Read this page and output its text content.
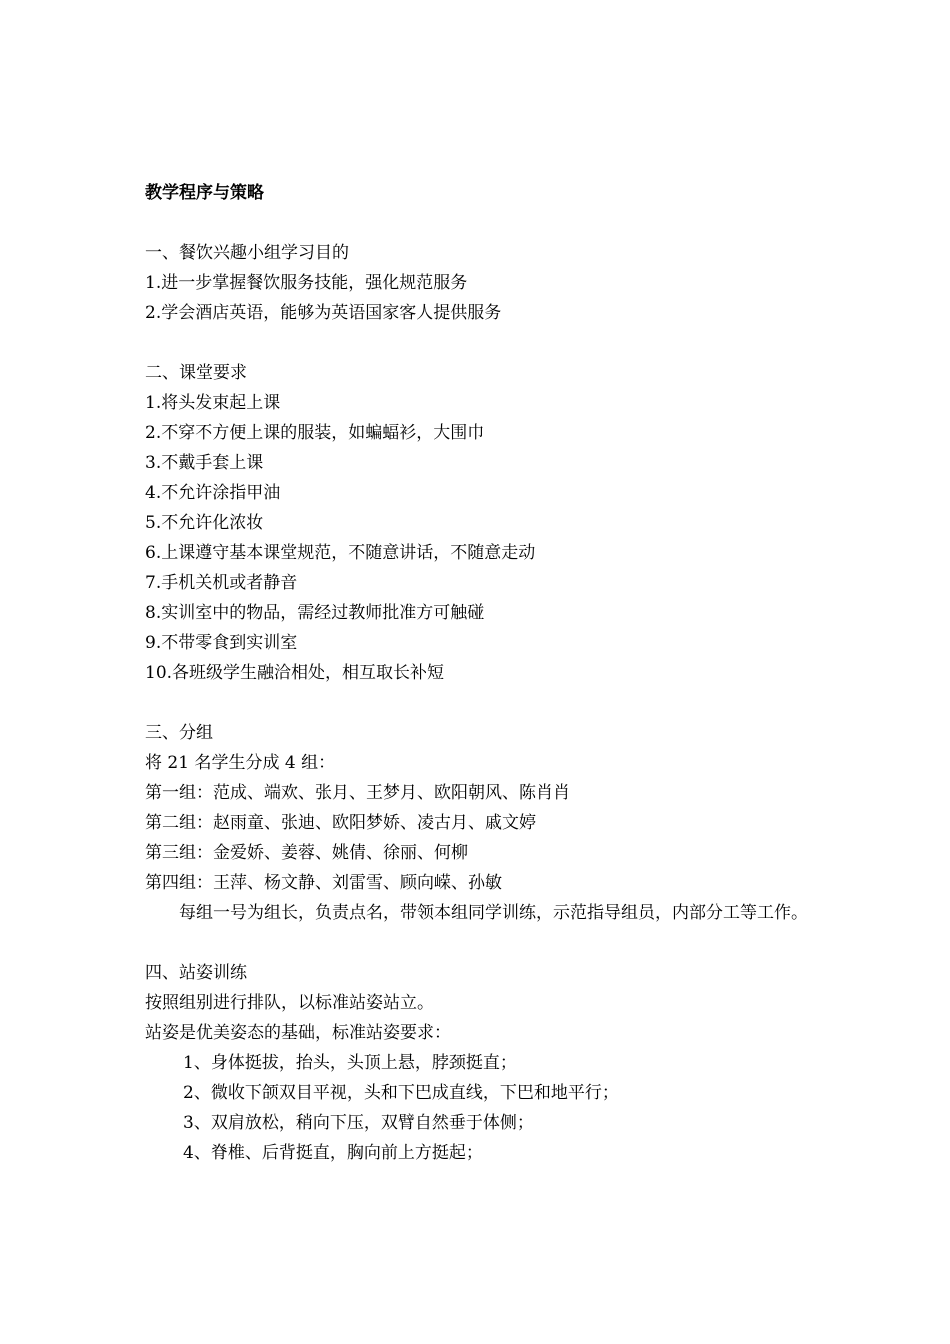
教学程序与策略
一、餐饮兴趣小组学习目的
1.进一步掌握餐饮服务技能，强化规范服务
2.学会酒店英语，能够为英语国家客人提供服务
二、课堂要求
1.将头发束起上课
2.不穿不方便上课的服装，如蝙蝠衫，大围巾
3.不戴手套上课
4.不允许涂指甲油
5.不允许化浓妆
6.上课遵守基本课堂规范，不随意讲话，不随意走动
7.手机关机或者静音
8.实训室中的物品，需经过教师批准方可触碰
9.不带零食到实训室
10.各班级学生融洽相处，相互取长补短
三、分组
将 21 名学生分成 4 组：
第一组：范成、端欢、张月、王梦月、欧阳朝风、陈肖肖
第二组：赵雨童、张迪、欧阳梦娇、凌古月、戚文婷
第三组：金爱娇、姜蓉、姚倩、徐丽、何柳
第四组：王萍、杨文静、刘雷雪、顾向嵘、孙敏
每组一号为组长，负责点名，带领本组同学训练，示范指导组员，内部分工等工作。
四、站姿训练
按照组别进行排队，以标准站姿站立。
站姿是优美姿态的基础，标准站姿要求：
1、身体挺拔，抬头，头顶上悬，脖颈挺直；
2、微收下颌双目平视，头和下巴成直线，下巴和地平行；
3、双肩放松，稍向下压，双臂自然垂于体侧；
4、脊椎、后背挺直，胸向前上方挺起；
